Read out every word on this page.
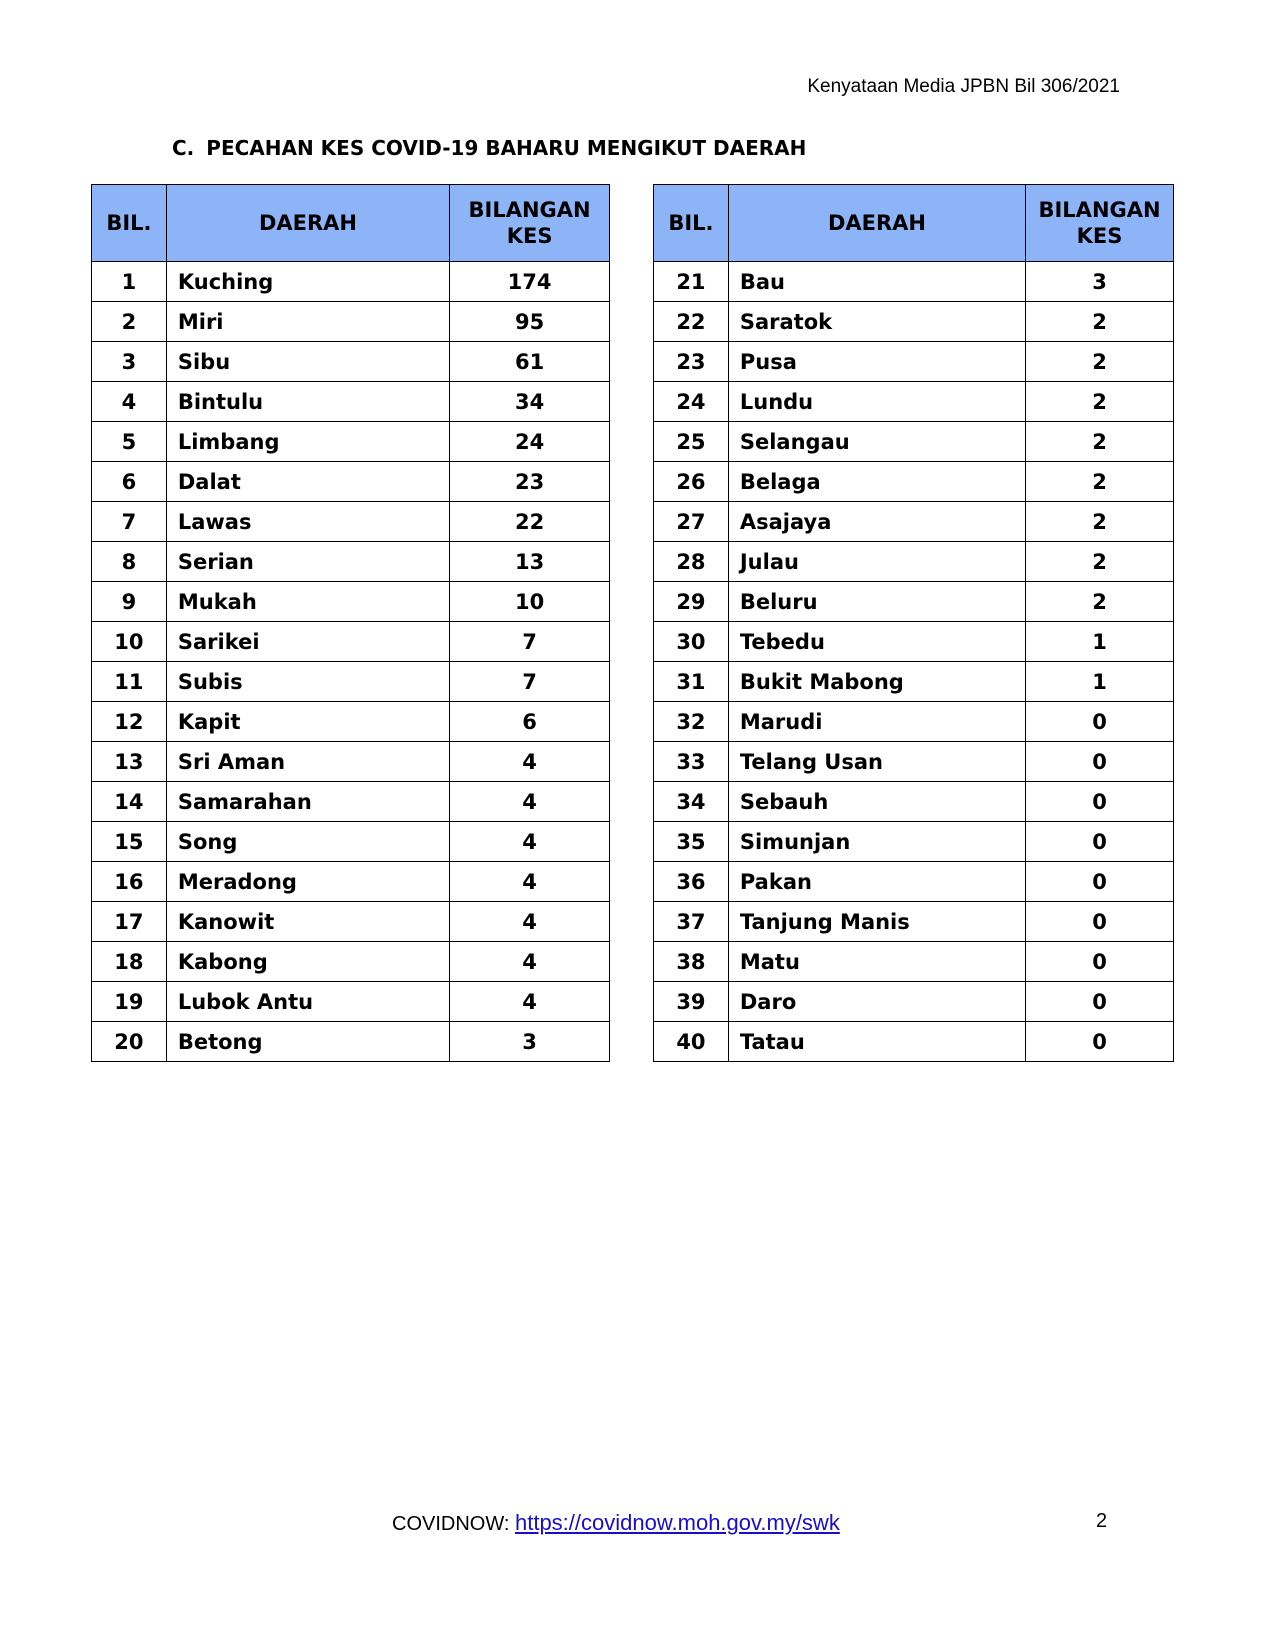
Kenyataan Media JPBN Bil 306/2021
C. PECAHAN KES COVID-19 BAHARU MENGIKUT DAERAH
BIL.	DAERAH	BILANGAN
KES
1	Kuching	174
2	Miri	95
3	Sibu	61
4	Bintulu	34
5	Limbang	24
6	Dalat	23
7	Lawas	22
8	Serian	13
9	Mukah	10
10	Sarikei	7
11	Subis	7
12	Kapit	6
13	Sri Aman	4
14	Samarahan	4
15	Song	4
16	Meradong	4
17	Kanowit	4
18	Kabong	4
19	Lubok Antu	4
20	Betong	3
BIL.	DAERAH	BILANGAN
KES
21	Bau	3
22	Saratok	2
23	Pusa	2
24	Lundu	2
25	Selangau	2
26	Belaga	2
27	Asajaya	2
28	Julau	2
29	Beluru	2
30	Tebedu	1
31	Bukit Mabong	1
32	Marudi	0
33	Telang Usan	0
34	Sebauh	0
35	Simunjan	0
36	Pakan	0
37	Tanjung Manis	0
38	Matu	0
39	Daro	0
40	Tatau	0
COVIDNOW: https://covidnow.moh.gov.my/swk	2
